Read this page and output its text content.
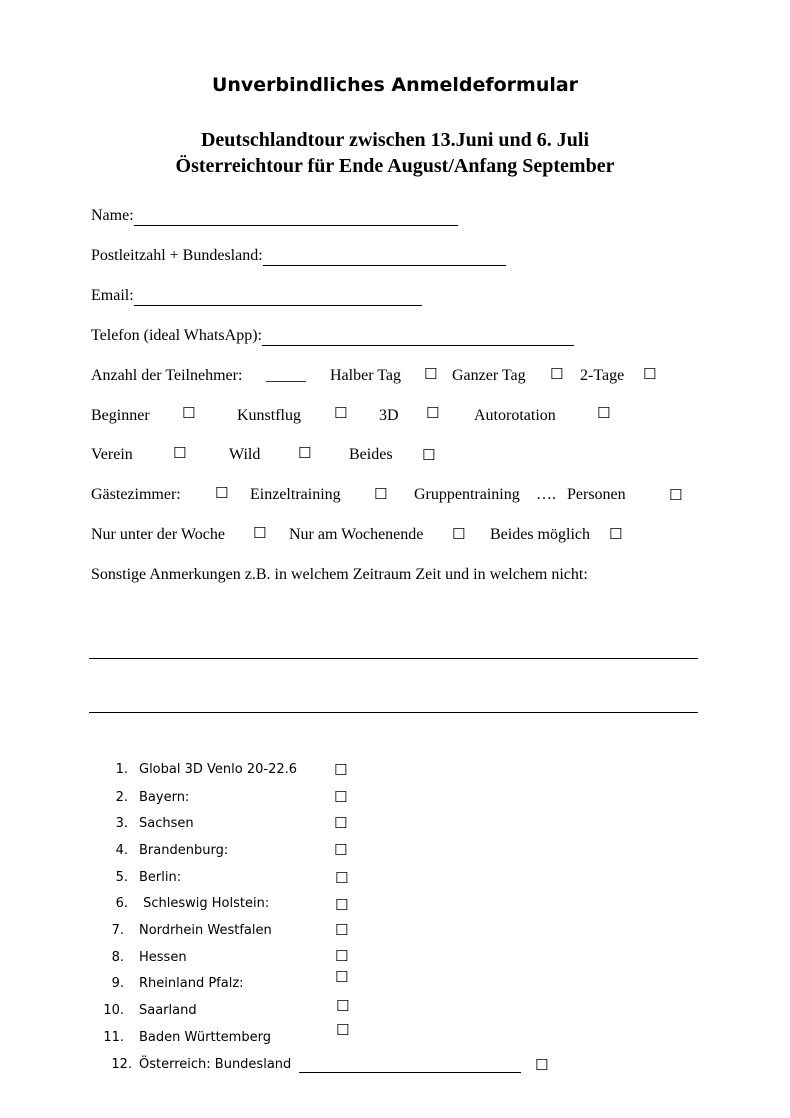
Unverbindliches Anmeldeformular
Deutschlandtour zwischen 13.Juni und 6. Juli
Österreichtour für Ende August/Anfang September
Name:
Postleitzahl + Bundesland:
Email:
Telefon (ideal WhatsApp):
Anzahl der Teilnehmer: _____ Halber Tag ☐ Ganzer Tag ☐ 2-Tage ☐
Beginner ☐	Kunstflug ☐ 3D ☐ Autorotation	☐
Verein	☐	Wild	☐ Beides ☐
Gästezimmer: ☐ Einzeltraining ☐ Gruppentraining …. Personen	☐
Nur unter der Woche ☐ Nur am Wochenende ☐ Beides möglich ☐
Sonstige Anmerkungen z.B. in welchem Zeitraum Zeit und in welchem nicht:
1. Global 3D Venlo 20-22.6 ☐
2. Bayern:	☐
3. Sachsen	☐
4. Brandenburg:	☐
5. Berlin:	☐
6. Schleswig Holstein:	☐
7. Nordrhein Westfalen	☐
8. Hessen	☐
9. Rheinland Pfalz:	☐
10. Saarland	☐
11. Baden Württemberg	☐
12. Österreich: Bundesland	☐
